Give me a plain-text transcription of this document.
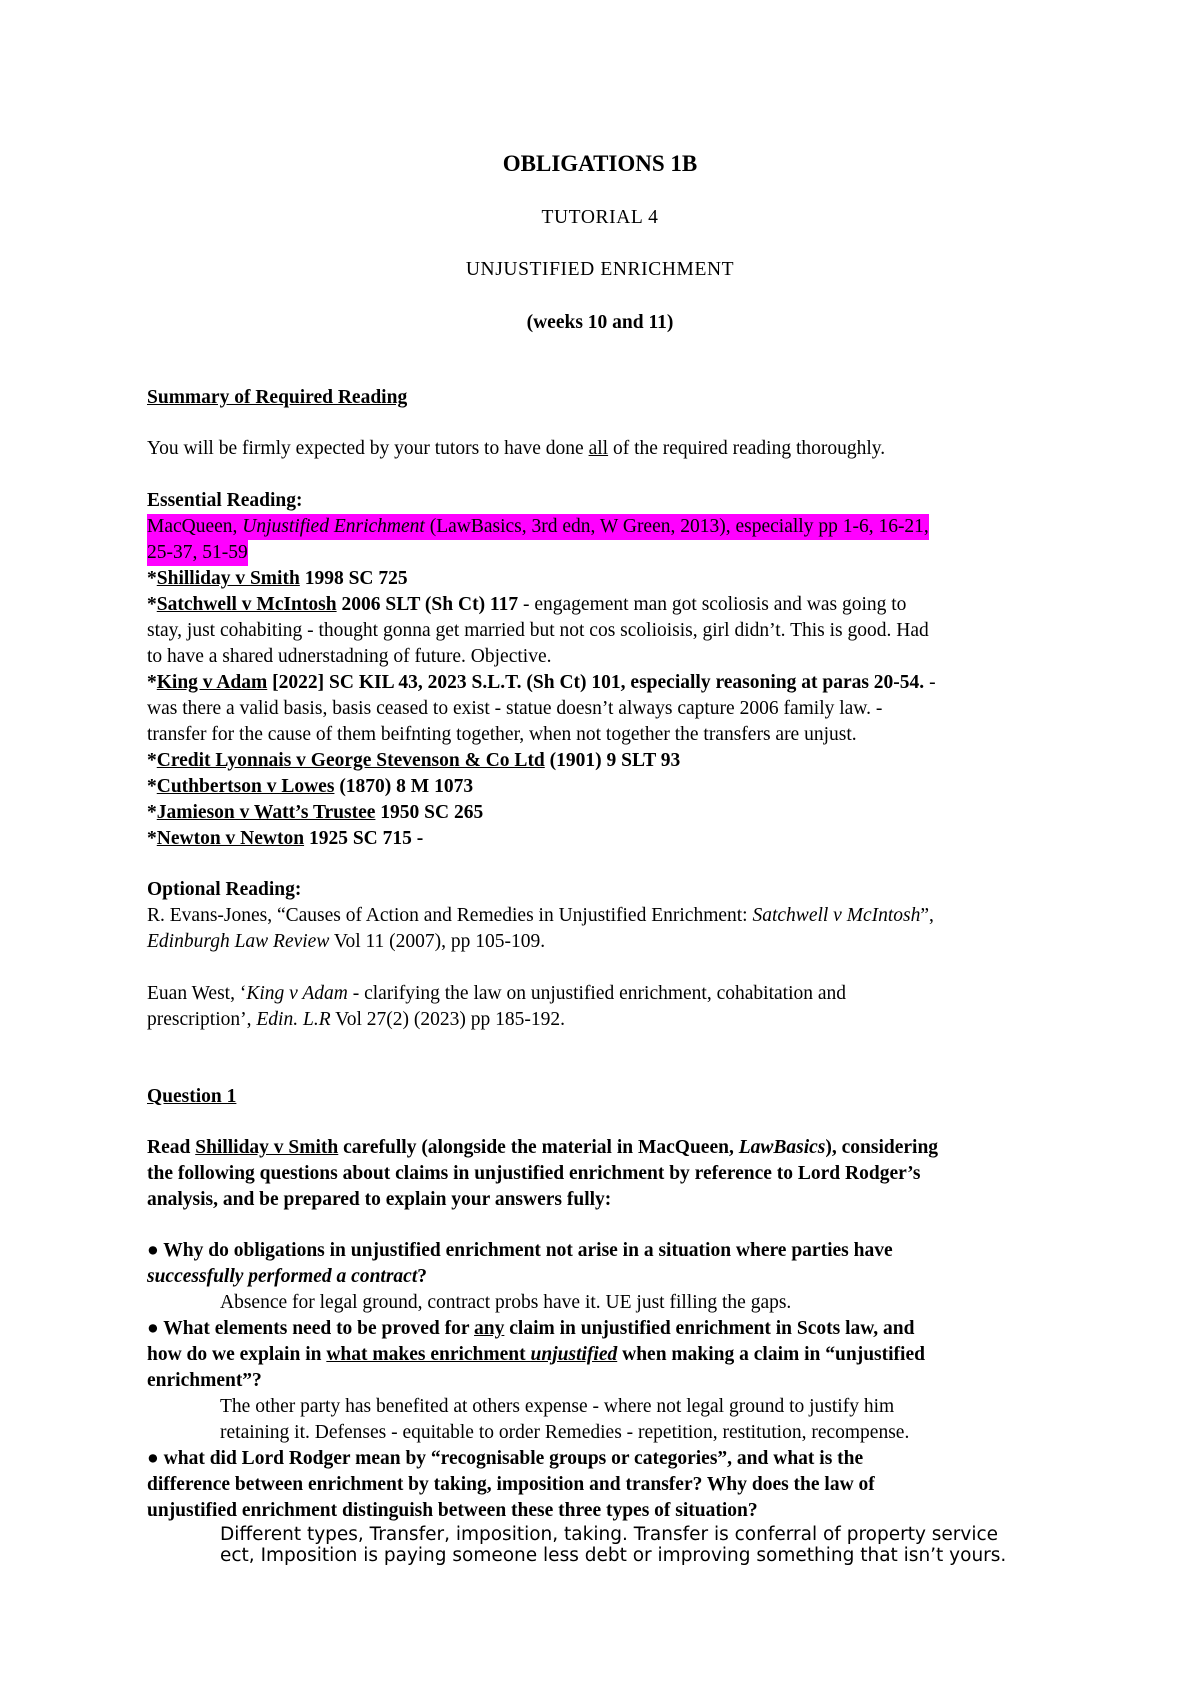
OBLIGATIONS 1B

TUTORIAL 4

UNJUSTIFIED ENRICHMENT

(weeks 10 and 11)

Summary of Required Reading

You will be firmly expected by your tutors to have done all of the required reading thoroughly.

Essential Reading:

MacQueen, Unjustified Enrichment (LawBasics, 3rd edn, W Green, 2013), especially pp 1-6, 16-21,

25-37, 51-59

*Shilliday v Smith 1998 SC 725

*Satchwell v McIntosh 2006 SLT (Sh Ct) 117 - engagement man got scoliosis and was going to

stay, just cohabiting - thought gonna get married but not cos scolioisis, girl didn’t. This is good. Had

to have a shared udnerstadning of future. Objective.

*King v Adam [2022] SC KIL 43, 2023 S.L.T. (Sh Ct) 101, especially reasoning at paras 20-54. -

was there a valid basis, basis ceased to exist - statue doesn’t always capture 2006 family law. -

transfer for the cause of them beifnting together, when not together the transfers are unjust.

*Credit Lyonnais v George Stevenson & Co Ltd (1901) 9 SLT 93

*Cuthbertson v Lowes (1870) 8 M 1073

*Jamieson v Watt’s Trustee 1950 SC 265

*Newton v Newton 1925 SC 715 -

Optional Reading:

R. Evans-Jones, “Causes of Action and Remedies in Unjustified Enrichment: Satchwell v McIntosh”,

Edinburgh Law Review Vol 11 (2007), pp 105-109.

Euan West, ‘King v Adam - clarifying the law on unjustified enrichment, cohabitation and

prescription’, Edin. L.R Vol 27(2) (2023) pp 185-192.

Question 1

Read Shilliday v Smith carefully (alongside the material in MacQueen, LawBasics), considering

the following questions about claims in unjustified enrichment by reference to Lord Rodger’s

analysis, and be prepared to explain your answers fully:

● Why do obligations in unjustified enrichment not arise in a situation where parties have

successfully performed a contract?

Absence for legal ground, contract probs have it. UE just filling the gaps.

● What elements need to be proved for any claim in unjustified enrichment in Scots law, and

how do we explain in what makes enrichment unjustified when making a claim in “unjustified

enrichment”?

The other party has benefited at others expense - where not legal ground to justify him

retaining it. Defenses - equitable to order Remedies - repetition, restitution, recompense.

● what did Lord Rodger mean by “recognisable groups or categories”, and what is the

difference between enrichment by taking, imposition and transfer? Why does the law of

unjustified enrichment distinguish between these three types of situation?

Different types, Transfer, imposition, taking. Transfer is conferral of property service

ect, Imposition is paying someone less debt or improving something that isn’t yours.
